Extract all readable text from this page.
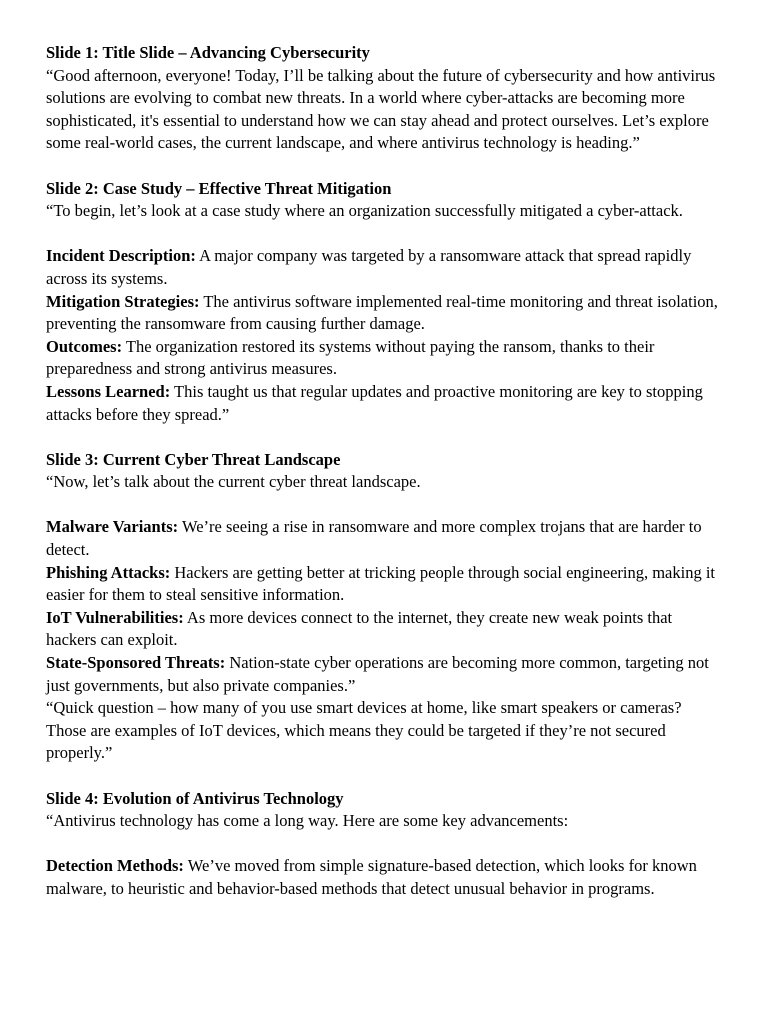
Slide 1: Title Slide – Advancing Cybersecurity

“Good afternoon, everyone! Today, I’ll be talking about the future of cybersecurity and how antivirus solutions are evolving to combat new threats. In a world where cyber-attacks are becoming more sophisticated, it's essential to understand how we can stay ahead and protect ourselves. Let’s explore some real-world cases, the current landscape, and where antivirus technology is heading.”

Slide 2: Case Study – Effective Threat Mitigation

“To begin, let’s look at a case study where an organization successfully mitigated a cyber-attack.

Incident Description: A major company was targeted by a ransomware attack that spread rapidly across its systems.

Mitigation Strategies: The antivirus software implemented real-time monitoring and threat isolation, preventing the ransomware from causing further damage.

Outcomes: The organization restored its systems without paying the ransom, thanks to their preparedness and strong antivirus measures.

Lessons Learned: This taught us that regular updates and proactive monitoring are key to stopping attacks before they spread.”

Slide 3: Current Cyber Threat Landscape

“Now, let’s talk about the current cyber threat landscape.

Malware Variants: We’re seeing a rise in ransomware and more complex trojans that are harder to detect.

Phishing Attacks: Hackers are getting better at tricking people through social engineering, making it easier for them to steal sensitive information.

IoT Vulnerabilities: As more devices connect to the internet, they create new weak points that hackers can exploit.

State-Sponsored Threats: Nation-state cyber operations are becoming more common, targeting not just governments, but also private companies.”

“Quick question – how many of you use smart devices at home, like smart speakers or cameras? Those are examples of IoT devices, which means they could be targeted if they’re not secured properly.”

Slide 4: Evolution of Antivirus Technology

“Antivirus technology has come a long way. Here are some key advancements:

Detection Methods: We’ve moved from simple signature-based detection, which looks for known malware, to heuristic and behavior-based methods that detect unusual behavior in programs.
